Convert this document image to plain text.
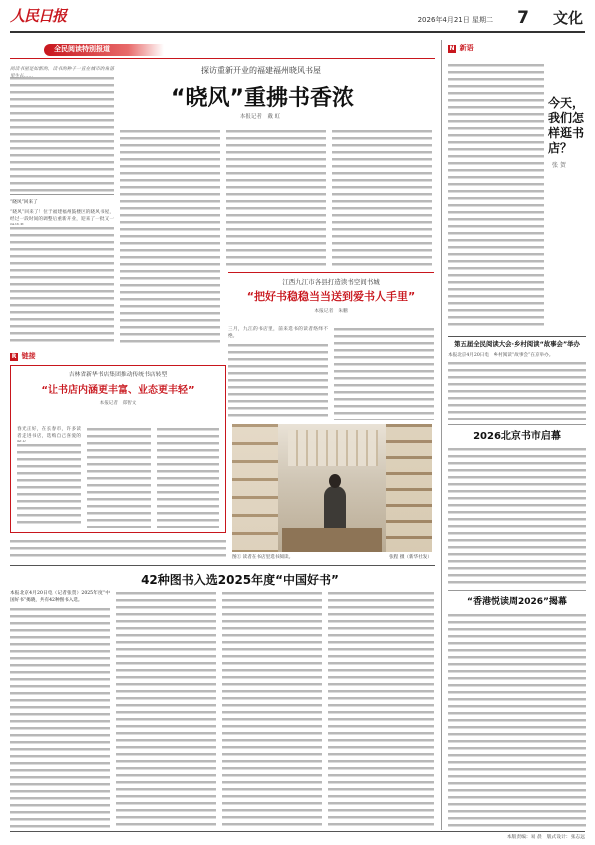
人民日报	2026年4月21日 星期二 7 文化
全民阅读特别报道
探访重新开业的福建福州晓风书屋
“晓风”重拂书香浓
本报记者　戴 虹
阅读书屋是如新的，读书的种子一直在城市的角落里生长……
“晓风”回来了
“晓风”回来了！位于福建福州鼓楼区的晓风书屋，经过一段时间的调整后重新开业，迎来了一批又一
江西九江市各县打造读书空间书城
“把好书稳稳当当送到爱书人手里”
本报记者　朱鹏
三月，九江的书店里，前来选书的读者络绎不绝。
R 链接
吉林省新华书店集团推动传统书店转型
“让书店内涵更丰富、业态更丰轻”
本报记者　郑智文
春光正好，在长春市，许多读者走进书店，选购自己喜爱的
图① 读者在书店里选书阅读。	张程 摄（新华社发）
42种图书入选2025年度“中国好书”
本报北京4月20日电（记者张贺）2025年度“中国好书”揭晓，共有42种图书入选。
N 新语
今天，我们怎样逛书店？
张 贺
第五届全民阅读大会·乡村阅读“故事会”举办
本报北京4月20日电　乡村阅读“故事会”在京举办。
2026北京书市启幕
“香港悦读周2026”揭幕
本版责编：易 晨　版式设计：张志远
